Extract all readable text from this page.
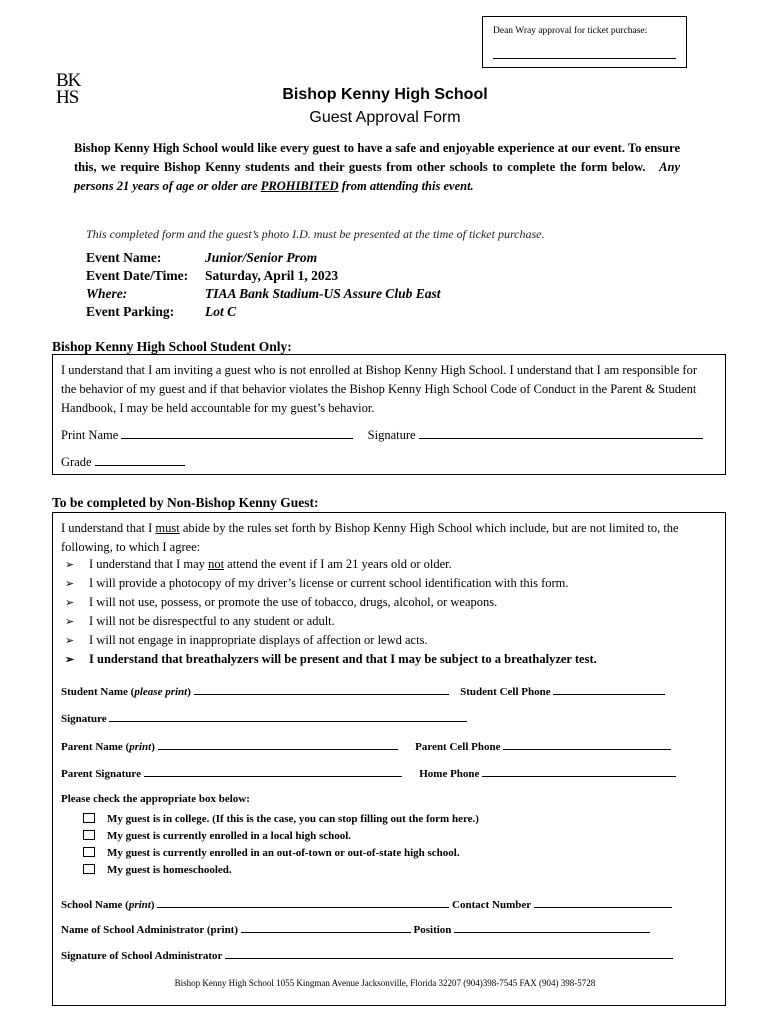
Dean Wray approval for ticket purchase:
BK
HS	Bishop Kenny High School
Guest Approval Form
Bishop Kenny High School would like every guest to have a safe and enjoyable experience at our event. To ensure this, we require Bishop Kenny students and their guests from other schools to complete the form below. Any persons 21 years of age or older are PROHIBITED from attending this event.
This completed form and the guest’s photo I.D. must be presented at the time of ticket purchase.
Event Name:	Junior/Senior Prom
Event Date/Time: Saturday, April 1, 2023
Where:	TIAA Bank Stadium-US Assure Club East
Event Parking: Lot C
Bishop Kenny High School Student Only:
I understand that I am inviting a guest who is not enrolled at Bishop Kenny High School. I understand that I am responsible for the behavior of my guest and if that behavior violates the Bishop Kenny High School Code of Conduct in the Parent & Student Handbook, I may be held accountable for my guest’s behavior.
Print Name	Signature
Grade
To be completed by Non-Bishop Kenny Guest:
I understand that I must abide by the rules set forth by Bishop Kenny High School which include, but are not limited to, the following, to which I agree:
➢ I understand that I may not attend the event if I am 21 years old or older.
➢ I will provide a photocopy of my driver’s license or current school identification with this form.
➢ I will not use, possess, or promote the use of tobacco, drugs, alcohol, or weapons.
➢ I will not be disrespectful to any student or adult.
➢ I will not engage in inappropriate displays of affection or lewd acts.
➢ I understand that breathalyzers will be present and that I may be subject to a breathalyzer test.
Student Name (please print)	Student Cell Phone
Signature
Parent Name (print)	Parent Cell Phone
Parent Signature	Home Phone
Please check the appropriate box below:
My guest is in college. (If this is the case, you can stop filling out the form here.)
My guest is currently enrolled in a local high school.
My guest is currently enrolled in an out-of-town or out-of-state high school.
My guest is homeschooled.
School Name (print)	Contact Number
Name of School Administrator (print)	Position
Signature of School Administrator
Bishop Kenny High School 1055 Kingman Avenue Jacksonville, Florida 32207 (904)398-7545 FAX (904) 398-5728
